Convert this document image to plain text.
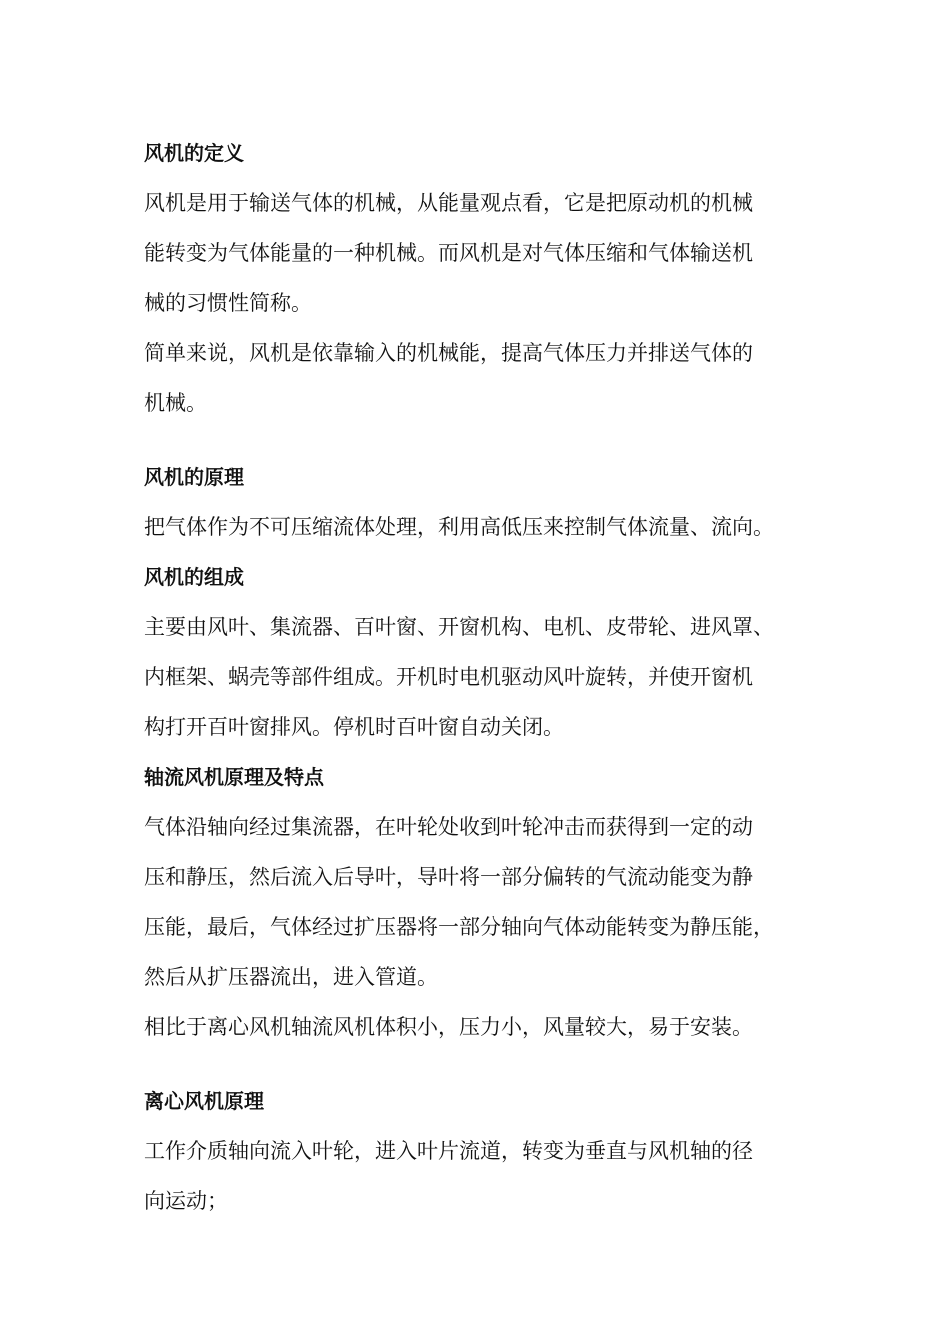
风机的定义
风机是用于输送气体的机械，从能量观点看，它是把原动机的机械
能转变为气体能量的一种机械。而风机是对气体压缩和气体输送机
械的习惯性简称。
简单来说，风机是依靠输入的机械能，提高气体压力并排送气体的
机械。
风机的原理
把气体作为不可压缩流体处理，利用高低压来控制气体流量、流向。
风机的组成
主要由风叶、集流器、百叶窗、开窗机构、电机、皮带轮、进风罩、
内框架、蜗壳等部件组成。开机时电机驱动风叶旋转，并使开窗机
构打开百叶窗排风。停机时百叶窗自动关闭。
轴流风机原理及特点
气体沿轴向经过集流器，在叶轮处收到叶轮冲击而获得到一定的动
压和静压，然后流入后导叶，导叶将一部分偏转的气流动能变为静
压能，最后，气体经过扩压器将一部分轴向气体动能转变为静压能，
然后从扩压器流出，进入管道。
相比于离心风机轴流风机体积小，压力小，风量较大，易于安装。
离心风机原理
工作介质轴向流入叶轮，进入叶片流道，转变为垂直与风机轴的径
向运动；
